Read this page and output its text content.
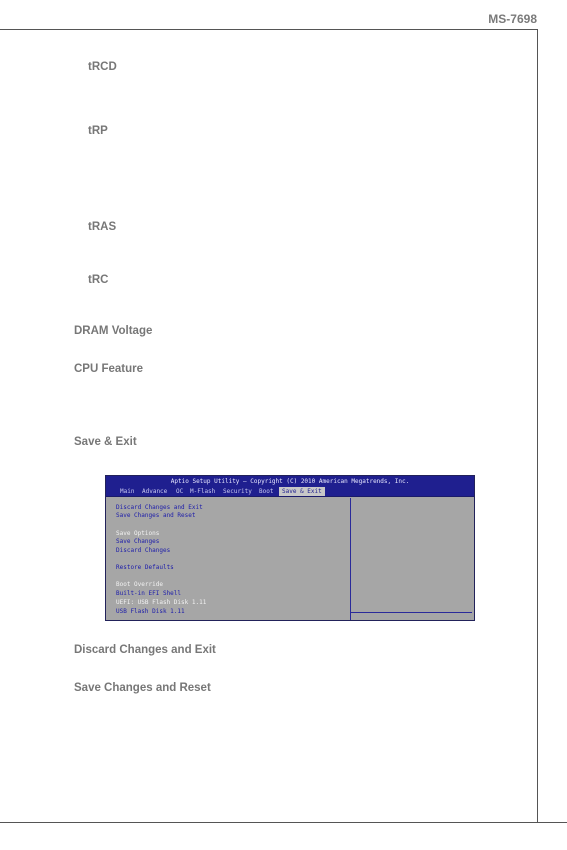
MS-7698
tRCD
tRP
tRAS
tRC
DRAM Voltage
CPU Feature
Save & Exit
Aptio Setup Utility – Copyright (C) 2010 American Megatrends, Inc.
Main Advance OC M-Flash Security Boot	Save & Exit
Discard Changes and Exit
Save Changes and Reset
Save Options
Save Changes
Discard Changes
Restore Defaults
Boot Override
Built-in EFI Shell
UEFI: USB Flash Disk 1.11
USB Flash Disk 1.11
Discard Changes and Exit
Save Changes and Reset
